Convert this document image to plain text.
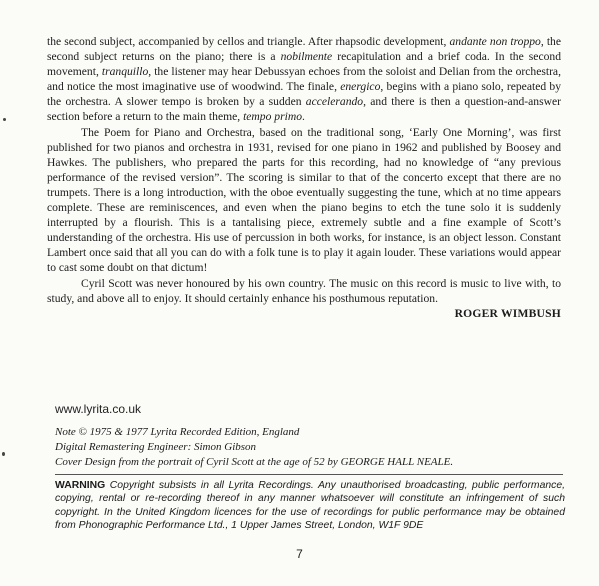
the second subject, accompanied by cellos and triangle. After rhapsodic development, andante non troppo, the second subject returns on the piano; there is a nobilmente recapitulation and a brief coda. In the second movement, tranquillo, the listener may hear Debussyan echoes from the soloist and Delian from the orchestra, and notice the most imaginative use of woodwind. The finale, energico, begins with a piano solo, repeated by the orchestra. A slower tempo is broken by a sudden accelerando, and there is then a question-and-answer section before a return to the main theme, tempo primo.

The Poem for Piano and Orchestra, based on the traditional song, ‘Early One Morning’, was first published for two pianos and orchestra in 1931, revised for one piano in 1962 and published by Boosey and Hawkes. The publishers, who prepared the parts for this recording, had no knowledge of “any previous performance of the revised version”. The scoring is similar to that of the concerto except that there are no trumpets. There is a long introduction, with the oboe eventually suggesting the tune, which at no time appears complete. These are reminiscences, and even when the piano begins to etch the tune solo it is suddenly interrupted by a flourish. This is a tantalising piece, extremely subtle and a fine example of Scott’s understanding of the orchestra. His use of percussion in both works, for instance, is an object lesson. Constant Lambert once said that all you can do with a folk tune is to play it again louder. These variations would appear to cast some doubt on that dictum!

Cyril Scott was never honoured by his own country. The music on this record is music to live with, to study, and above all to enjoy. It should certainly enhance his posthumous reputation.

ROGER WIMBUSH

www.lyrita.co.uk
Note © 1975 & 1977 Lyrita Recorded Edition, England
Digital Remastering Engineer: Simon Gibson
Cover Design from the portrait of Cyril Scott at the age of 52 by GEORGE HALL NEALE.
WARNING Copyright subsists in all Lyrita Recordings. Any unauthorised broadcasting, public performance, copying, rental or re-recording thereof in any manner whatsoever will constitute an infringement of such copyright. In the United Kingdom licences for the use of recordings for public performance may be obtained from Phonographic Performance Ltd., 1 Upper James Street, London, W1F 9DE
7
